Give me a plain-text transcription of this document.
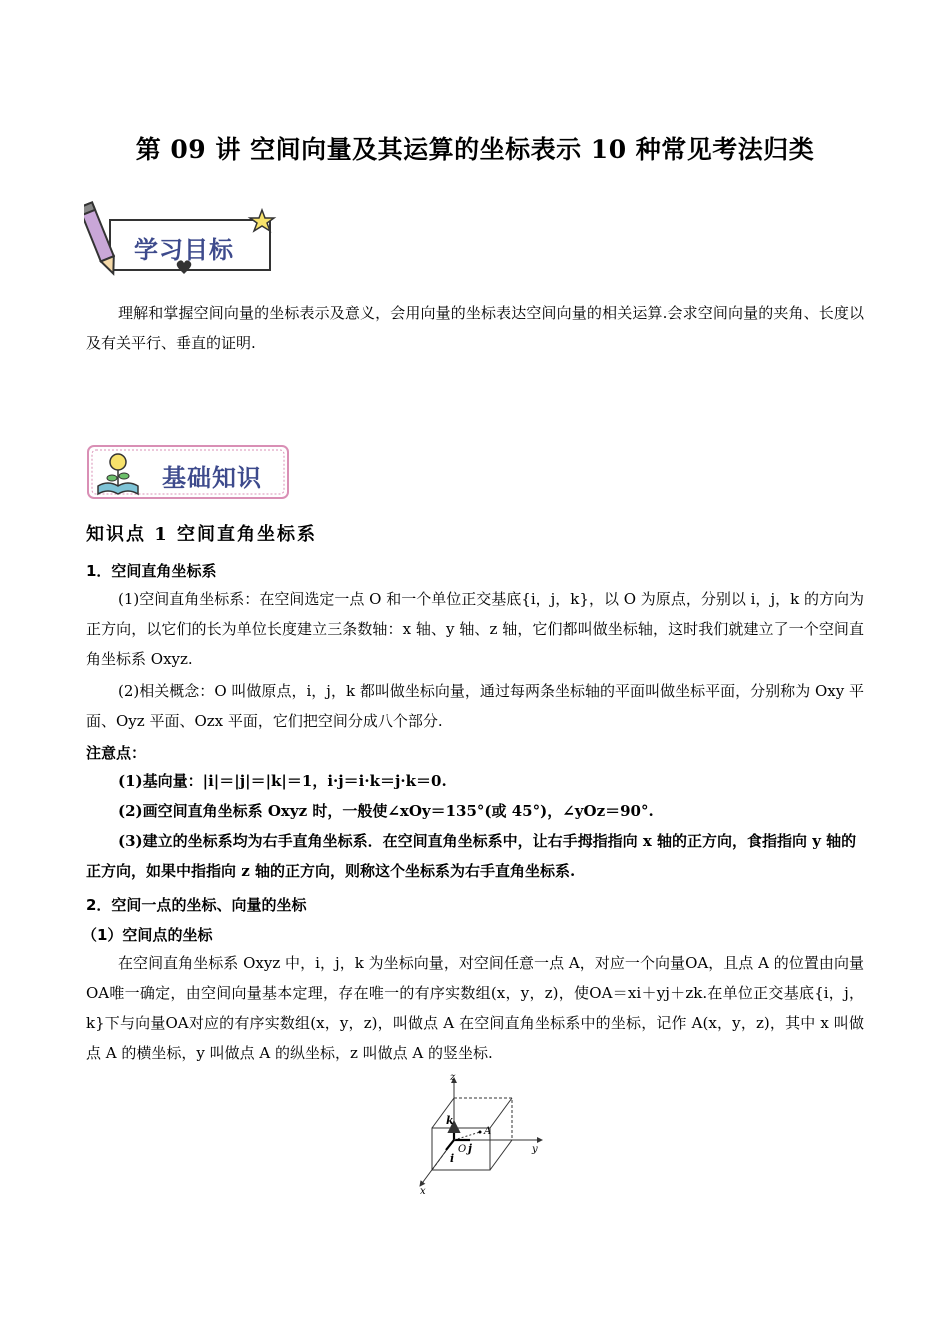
第 09 讲 空间向量及其运算的坐标表示 10 种常见考法归类
学习目标
理解和掌握空间向量的坐标表示及意义，会用向量的坐标表达空间向量的相关运算.会求空间向量的夹角、长度以及有关平行、垂直的证明.
基础知识
知识点 1 空间直角坐标系
1．空间直角坐标系
(1)空间直角坐标系：在空间选定一点 O 和一个单位正交基底{i，j，k}，以 O 为原点，分别以 i，j，k 的方向为正方向，以它们的长为单位长度建立三条数轴：x 轴、y 轴、z 轴，它们都叫做坐标轴，这时我们就建立了一个空间直角坐标系 Oxyz.
(2)相关概念：O 叫做原点，i，j，k 都叫做坐标向量，通过每两条坐标轴的平面叫做坐标平面，分别称为 Oxy 平面、Oyz 平面、Ozx 平面，它们把空间分成八个部分.
注意点：
(1)基向量：|i|＝|j|＝|k|＝1，i·j＝i·k＝j·k＝0.
(2)画空间直角坐标系 Oxyz 时，一般使∠xOy＝135°(或 45°)，∠yOz＝90°.
(3)建立的坐标系均为右手直角坐标系．在空间直角坐标系中，让右手拇指指向 x 轴的正方向，食指指向 y 轴的正方向，如果中指指向 z 轴的正方向，则称这个坐标系为右手直角坐标系.
2．空间一点的坐标、向量的坐标
（1）空间点的坐标
在空间直角坐标系 Oxyz 中，i，j，k 为坐标向量，对空间任意一点 A，对应一个向量OA，且点 A 的位置由向量OA唯一确定，由空间向量基本定理，存在唯一的有序实数组(x，y，z)，使OA＝xi＋yj＋zk.在单位正交基底{i，j，k}下与向量OA对应的有序实数组(x，y，z)，叫做点 A 在空间直角坐标系中的坐标，记作 A(x，y，z)，其中 x 叫做点 A 的横坐标，y 叫做点 A 的纵坐标，z 叫做点 A 的竖坐标.
z
y
x
k
i
j
O
A
